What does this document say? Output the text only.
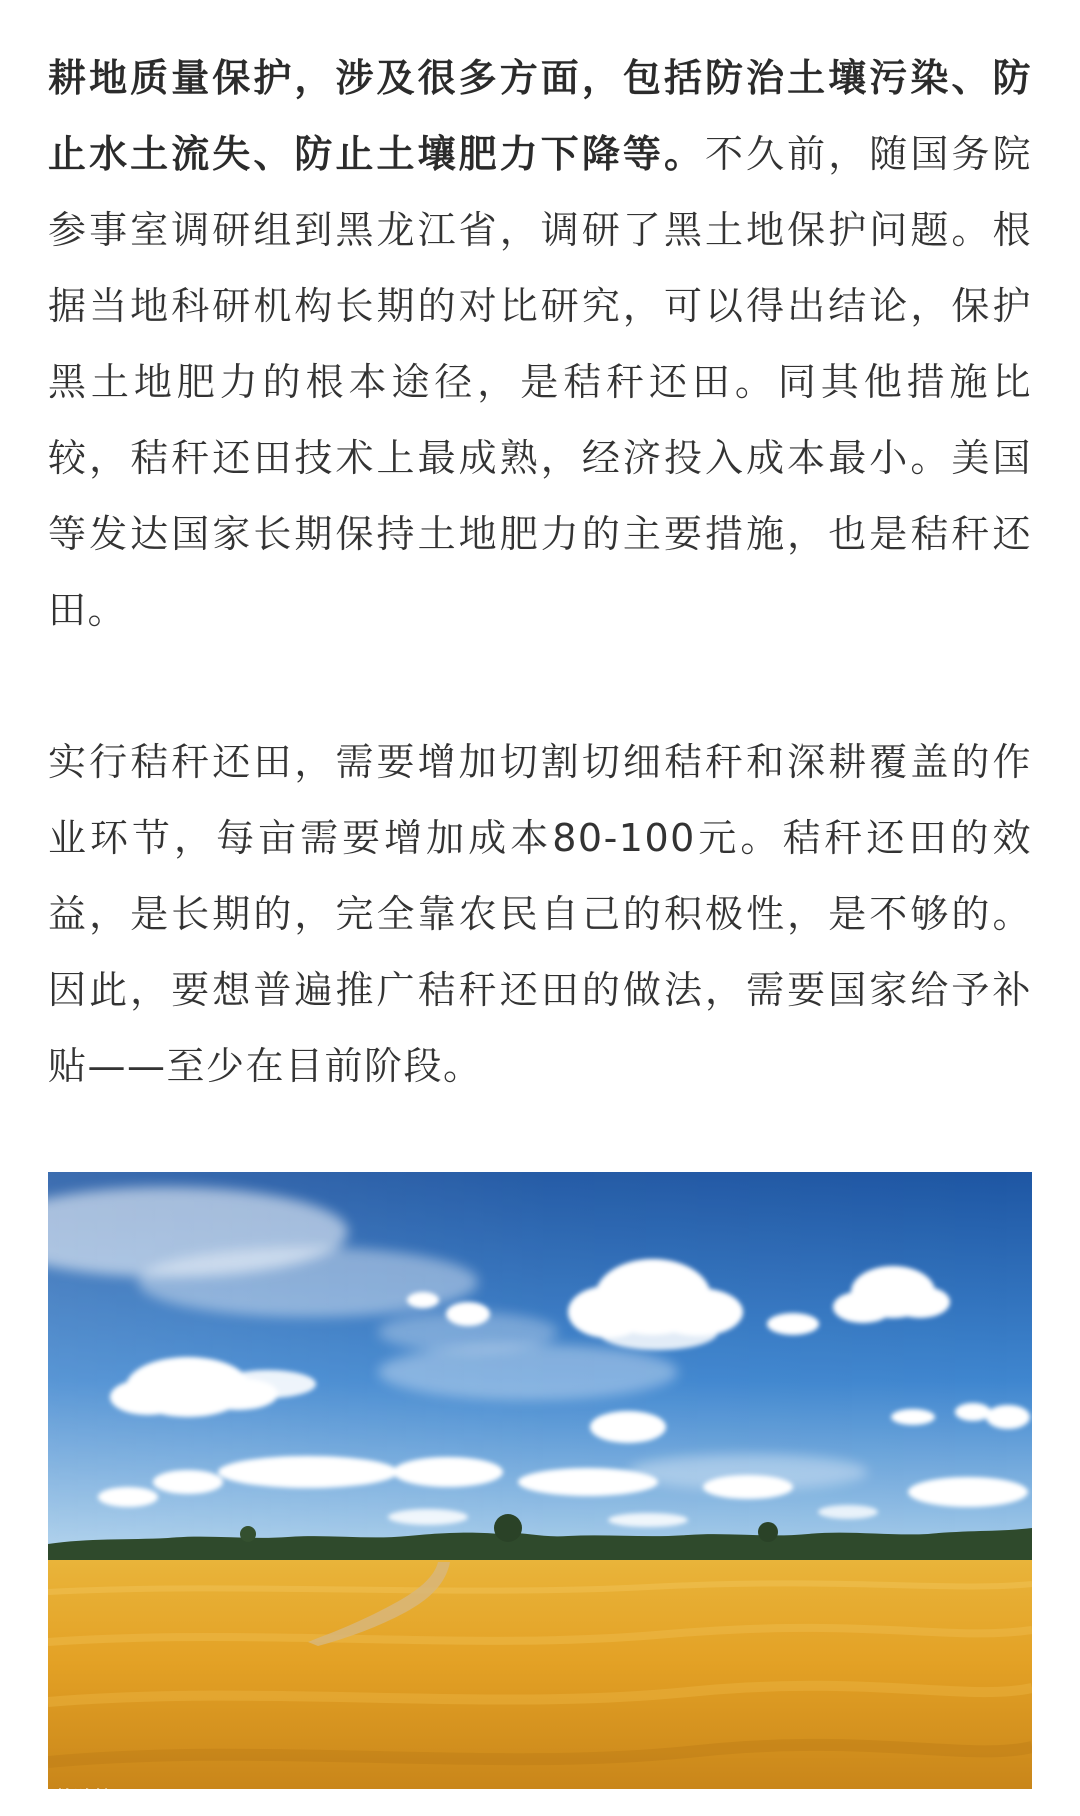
耕地质量保护，涉及很多方面，包括防治土壤污染、防止水土流失、防止土壤肥力下降等。不久前，随国务院参事室调研组到黑龙江省，调研了黑土地保护问题。根据当地科研机构长期的对比研究，可以得出结论，保护黑土地肥力的根本途径，是秸秆还田。同其他措施比较，秸秆还田技术上最成熟，经济投入成本最小。美国等发达国家长期保持土地肥力的主要措施，也是秸秆还田。

实行秸秆还田，需要增加切割切细秸秆和深耕覆盖的作业环节，每亩需要增加成本80-100元。秸秆还田的效益，是长期的，完全靠农民自己的积极性，是不够的。因此，要想普遍推广秸秆还田的做法，需要国家给予补贴——至少在目前阶段。

大数跨境
